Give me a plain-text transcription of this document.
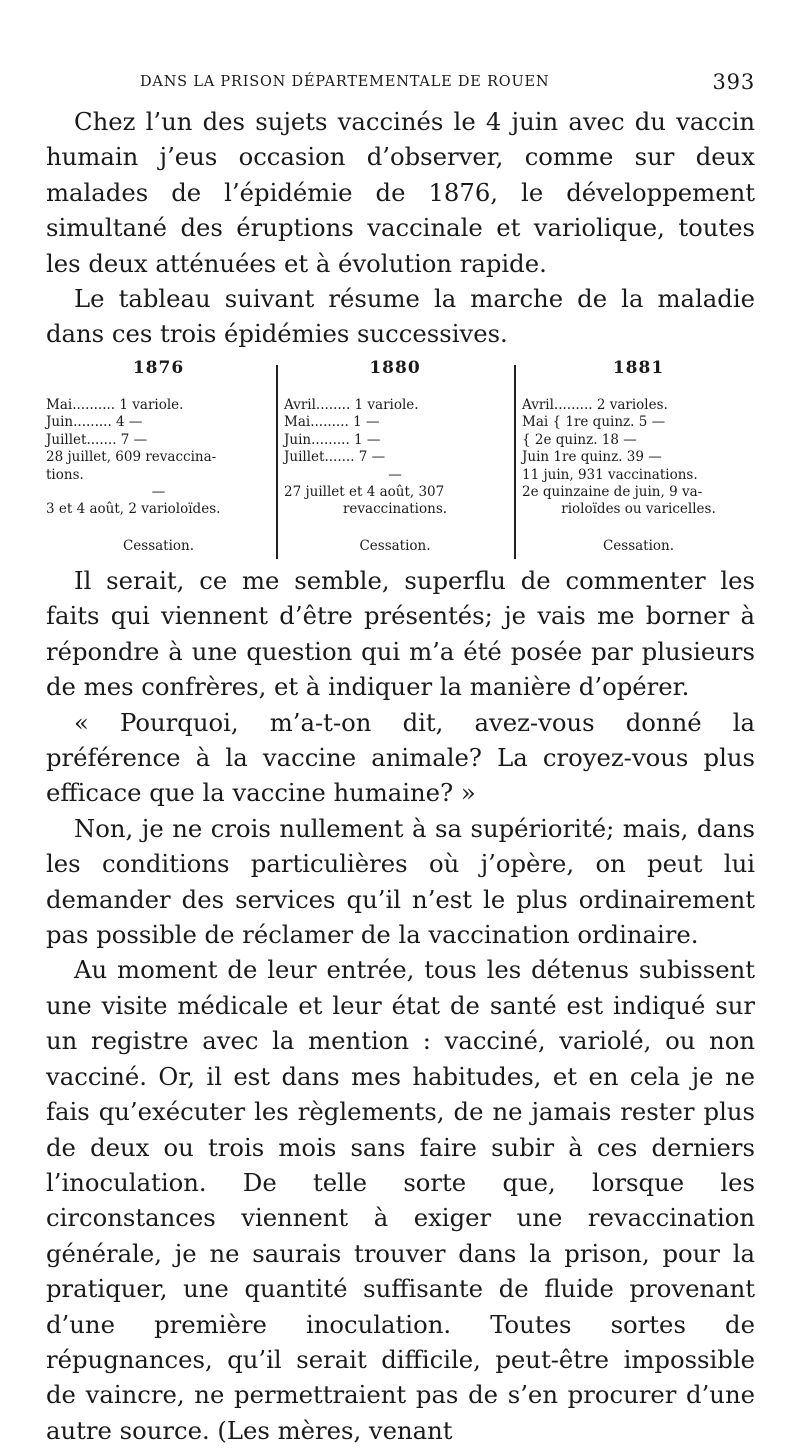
DANS LA PRISON DÉPARTEMENTALE DE ROUEN	393

Chez l’un des sujets vaccinés le 4 juin avec du vaccin humain j’eus occasion d’observer, comme sur deux malades de l’épidémie de 1876, le développement simultané des éruptions vaccinale et variolique, toutes les deux atténuées et à évolution rapide.

Le tableau suivant résume la marche de la maladie dans ces trois épidémies successives.

1876
Mai.......... 1 variole.
Juin......... 4 —
Juillet....... 7 —
28 juillet, 609 revaccina-
tions.
—
3 et 4 août, 2 varioloïdes.
Cessation.
1880
Avril........ 1 variole.
Mai......... 1 —
Juin......... 1 —
Juillet....... 7 —
—
27 juillet et 4 août, 307
revaccinations.
Cessation.
1881
Avril......... 2 varioles.
Mai { 1re quinz. 5 —
{ 2e quinz. 18 —
Juin 1re quinz. 39 —
11 juin, 931 vaccinations.
2e quinzaine de juin, 9 va-
rioloïdes ou varicelles.
Cessation.

Il serait, ce me semble, superflu de commenter les faits qui viennent d’être présentés; je vais me borner à répondre à une question qui m’a été posée par plusieurs de mes confrères, et à indiquer la manière d’opérer.

« Pourquoi, m’a-t-on dit, avez-vous donné la préférence à la vaccine animale? La croyez-vous plus efficace que la vaccine humaine? »

Non, je ne crois nullement à sa supériorité; mais, dans les conditions particulières où j’opère, on peut lui demander des services qu’il n’est le plus ordinairement pas possible de réclamer de la vaccination ordinaire.

Au moment de leur entrée, tous les détenus subissent une visite médicale et leur état de santé est indiqué sur un registre avec la mention : vacciné, variolé, ou non vacciné. Or, il est dans mes habitudes, et en cela je ne fais qu’exécuter les règlements, de ne jamais rester plus de deux ou trois mois sans faire subir à ces derniers l’inoculation. De telle sorte que, lorsque les circonstances viennent à exiger une revaccination générale, je ne saurais trouver dans la prison, pour la pratiquer, une quantité suffisante de fluide provenant d’une première inoculation. Toutes sortes de répugnances, qu’il serait difficile, peut-être impossible de vaincre, ne permettraient pas de s’en procurer d’une autre source. (Les mères, venant
